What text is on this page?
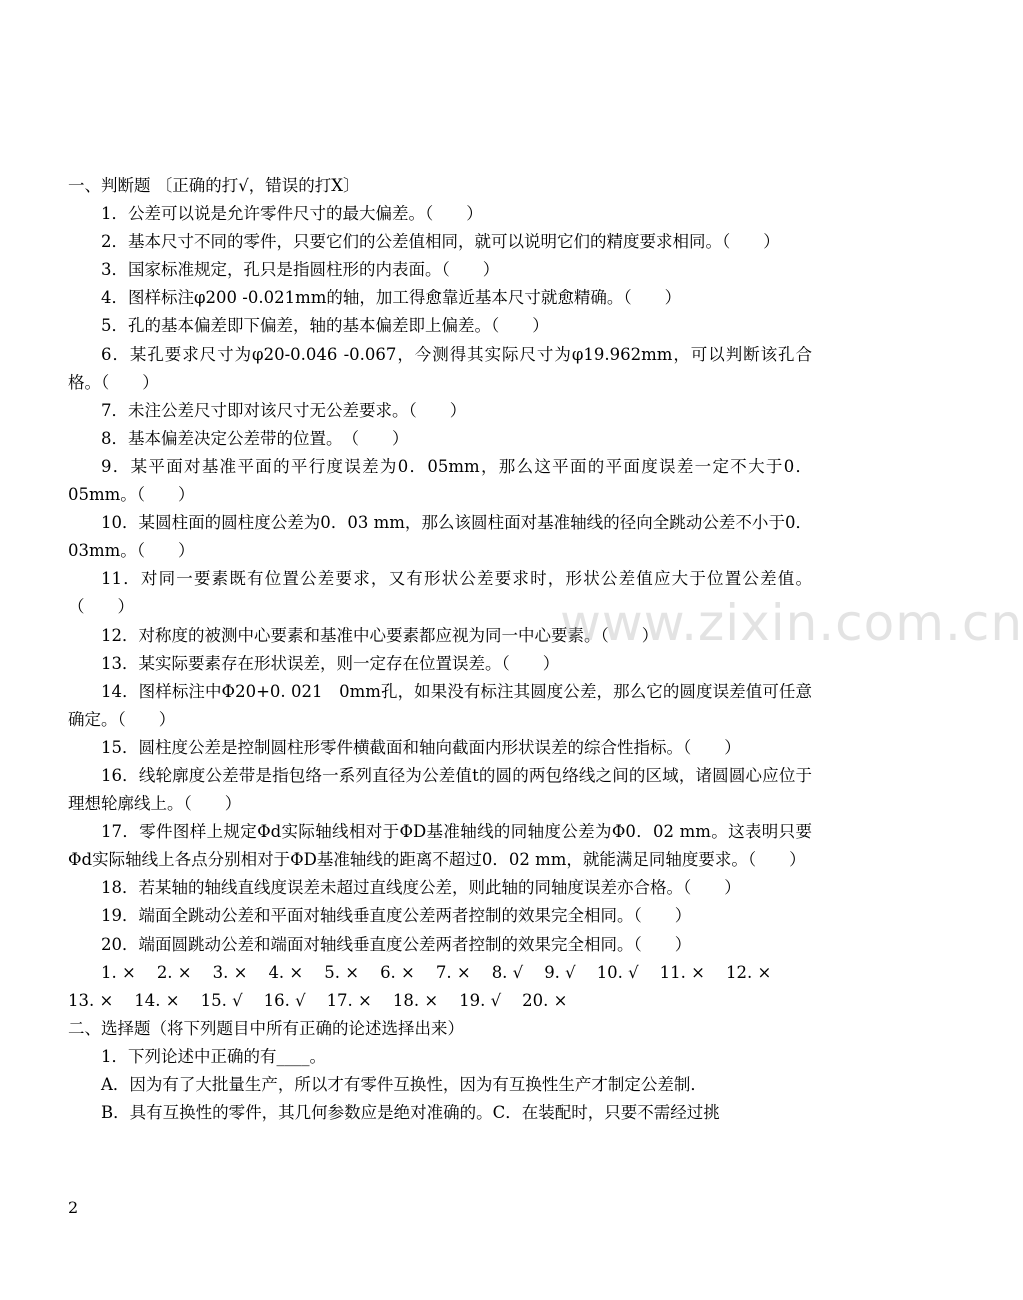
一、判断题 〔正确的打√，错误的打X〕

1．公差可以说是允许零件尺寸的最大偏差。（　　）

2．基本尺寸不同的零件，只要它们的公差值相同，就可以说明它们的精度要求相同。（　　）

3．国家标准规定，孔只是指圆柱形的内表面。（　　）

4．图样标注φ200 -0.021mm的轴，加工得愈靠近基本尺寸就愈精确。（　　）

5．孔的基本偏差即下偏差，轴的基本偏差即上偏差。（　　）

6．某孔要求尺寸为φ20-0.046 -0.067，今测得其实际尺寸为φ19.962mm，可以判断该孔合格。（　　）

7．未注公差尺寸即对该尺寸无公差要求。（　　）

8．基本偏差决定公差带的位置。　（　　）

9．某平面对基准平面的平行度误差为0．05mm，那么这平面的平面度误差一定不大于0．05mm。（　　）

10．某圆柱面的圆柱度公差为0．03 mm，那么该圆柱面对基准轴线的径向全跳动公差不小于0．03mm。（　　）

11．对同一要素既有位置公差要求，又有形状公差要求时，形状公差值应大于位置公差值。（　　）

12．对称度的被测中心要素和基准中心要素都应视为同一中心要素。（　　）

13．某实际要素存在形状误差，则一定存在位置误差。（　　）

14．图样标注中Φ20+0. 021　0mm孔，如果没有标注其圆度公差，那么它的圆度误差值可任意确定。（　　）

15．圆柱度公差是控制圆柱形零件横截面和轴向截面内形状误差的综合性指标。（　　）

16．线轮廓度公差带是指包络一系列直径为公差值t的圆的两包络线之间的区域，诸圆圆心应位于理想轮廓线上。（　　）

17．零件图样上规定Φd实际轴线相对于ΦD基准轴线的同轴度公差为Φ0．02 mm。这表明只要Φd实际轴线上各点分别相对于ΦD基准轴线的距离不超过0．02 mm，就能满足同轴度要求。（　　）

18．若某轴的轴线直线度误差未超过直线度公差，则此轴的同轴度误差亦合格。（　　）

19．端面全跳动公差和平面对轴线垂直度公差两者控制的效果完全相同。（　　）

20．端面圆跳动公差和端面对轴线垂直度公差两者控制的效果完全相同。（　　）

1. ×    2. ×    3. ×    4. ×    5. ×    6. ×    7. ×    8. √    9. √    10. √    11. ×    12. ×    13. ×    14. ×    15. √    16. √    17. ×    18. ×    19. √    20. ×

二、选择题（将下列题目中所有正确的论述选择出来）

1．下列论述中正确的有____。

A．因为有了大批量生产，所以才有零件互换性，因为有互换性生产才制定公差制．

B．具有互换性的零件，其几何参数应是绝对准确的。C．在装配时，只要不需经过挑

www.zixin.com.cn
2
